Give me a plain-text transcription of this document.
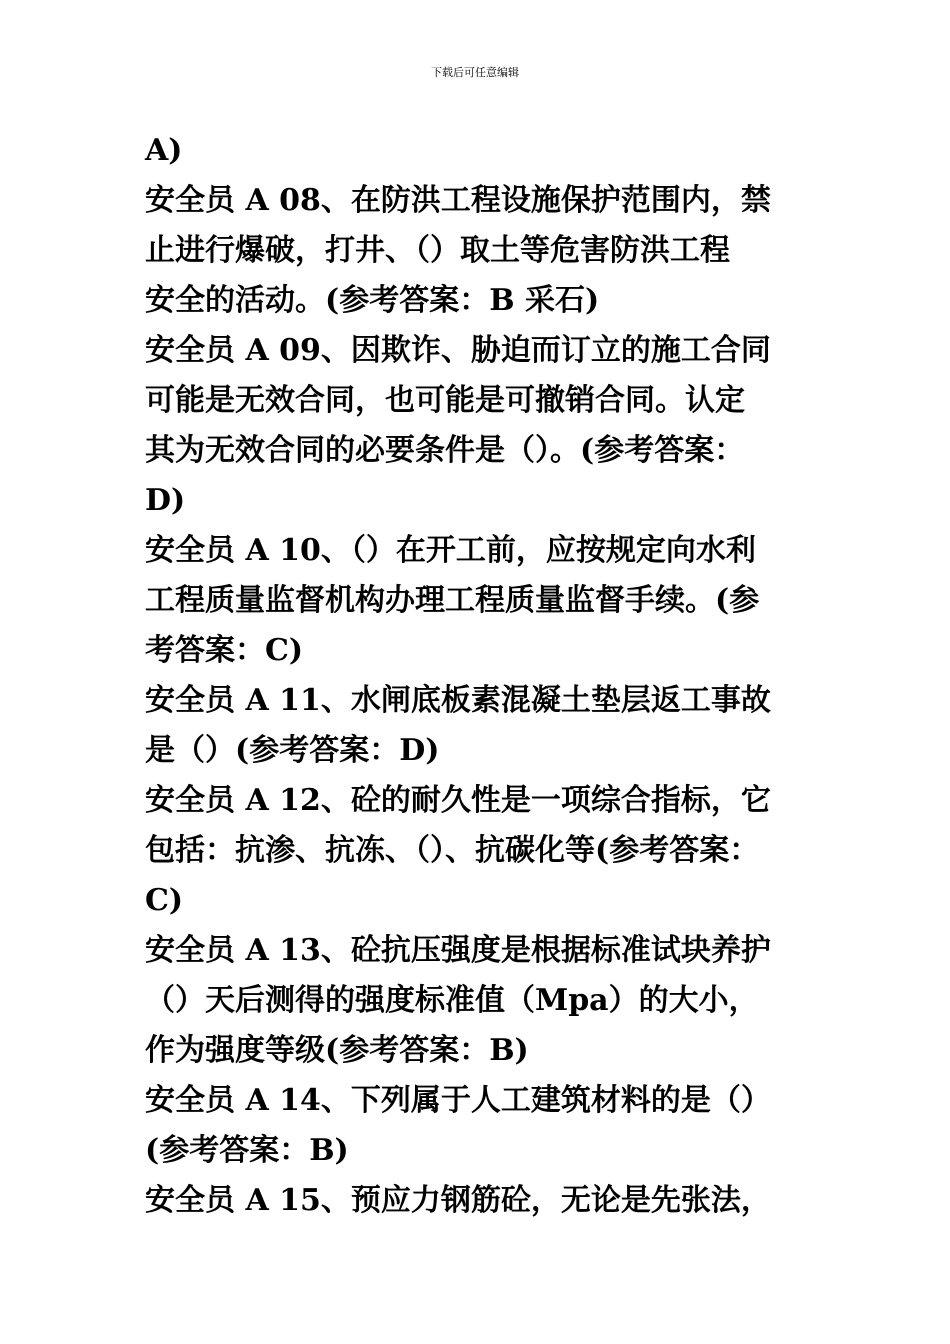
下载后可任意编辑
A)
安全员 A 08、在防洪工程设施保护范围内，禁
止进行爆破，打井、（）取土等危害防洪工程
安全的活动。(参考答案：B 采石)
安全员 A 09、因欺诈、胁迫而订立的施工合同
可能是无效合同，也可能是可撤销合同。认定
其为无效合同的必要条件是（）。(参考答案：
D)
安全员 A 10、（）在开工前，应按规定向水利
工程质量监督机构办理工程质量监督手续。(参
考答案：C)
安全员 A 11、水闸底板素混凝土垫层返工事故
是（）(参考答案：D)
安全员 A 12、砼的耐久性是一项综合指标，它
包括：抗渗、抗冻、（）、抗碳化等(参考答案：
C)
安全员 A 13、砼抗压强度是根据标准试块养护
（）天后测得的强度标准值（Mpa）的大小，
作为强度等级(参考答案：B)
安全员 A 14、下列属于人工建筑材料的是（）
(参考答案：B)
安全员 A 15、预应力钢筋砼，无论是先张法，
